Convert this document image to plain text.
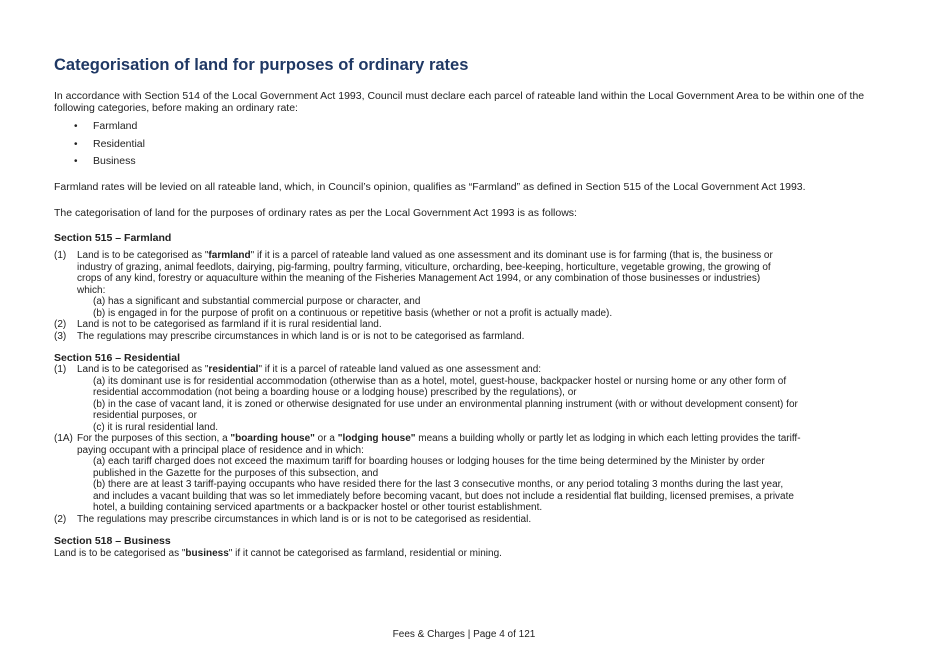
Categorisation of land for purposes of ordinary rates

In accordance with Section 514 of the Local Government Act 1993, Council must declare each parcel of rateable land within the Local Government Area to be within one of the following categories, before making an ordinary rate:

• Farmland
• Residential
• Business

Farmland rates will be levied on all rateable land, which, in Council’s opinion, qualifies as “Farmland” as defined in Section 515 of the Local Government Act 1993.

The categorisation of land for the purposes of ordinary rates as per the Local Government Act 1993 is as follows:

Section 515 – Farmland
(1) Land is to be categorised as "farmland" if it is a parcel of rateable land valued as one assessment and its dominant use is for farming (that is, the business or
industry of grazing, animal feedlots, dairying, pig-farming, poultry farming, viticulture, orcharding, bee-keeping, horticulture, vegetable growing, the growing of
crops of any kind, forestry or aquaculture within the meaning of the Fisheries Management Act 1994, or any combination of those businesses or industries)
which:
(a) has a significant and substantial commercial purpose or character, and
(b) is engaged in for the purpose of profit on a continuous or repetitive basis (whether or not a profit is actually made).
(2) Land is not to be categorised as farmland if it is rural residential land.
(3) The regulations may prescribe circumstances in which land is or is not to be categorised as farmland.
Section 516 – Residential
(1) Land is to be categorised as "residential" if it is a parcel of rateable land valued as one assessment and:
(a) its dominant use is for residential accommodation (otherwise than as a hotel, motel, guest-house, backpacker hostel or nursing home or any other form of
residential accommodation (not being a boarding house or a lodging house) prescribed by the regulations), or
(b) in the case of vacant land, it is zoned or otherwise designated for use under an environmental planning instrument (with or without development consent) for
residential purposes, or
(c) it is rural residential land.
(1A) For the purposes of this section, a "boarding house" or a "lodging house" means a building wholly or partly let as lodging in which each letting provides the tariff-
paying occupant with a principal place of residence and in which:
(a) each tariff charged does not exceed the maximum tariff for boarding houses or lodging houses for the time being determined by the Minister by order
published in the Gazette for the purposes of this subsection, and
(b) there are at least 3 tariff-paying occupants who have resided there for the last 3 consecutive months, or any period totaling 3 months during the last year,
and includes a vacant building that was so let immediately before becoming vacant, but does not include a residential flat building, licensed premises, a private
hotel, a building containing serviced apartments or a backpacker hostel or other tourist establishment.
(2) The regulations may prescribe circumstances in which land is or is not to be categorised as residential.
Section 518 – Business
Land is to be categorised as "business" if it cannot be categorised as farmland, residential or mining.
Fees & Charges | Page 4 of 121
